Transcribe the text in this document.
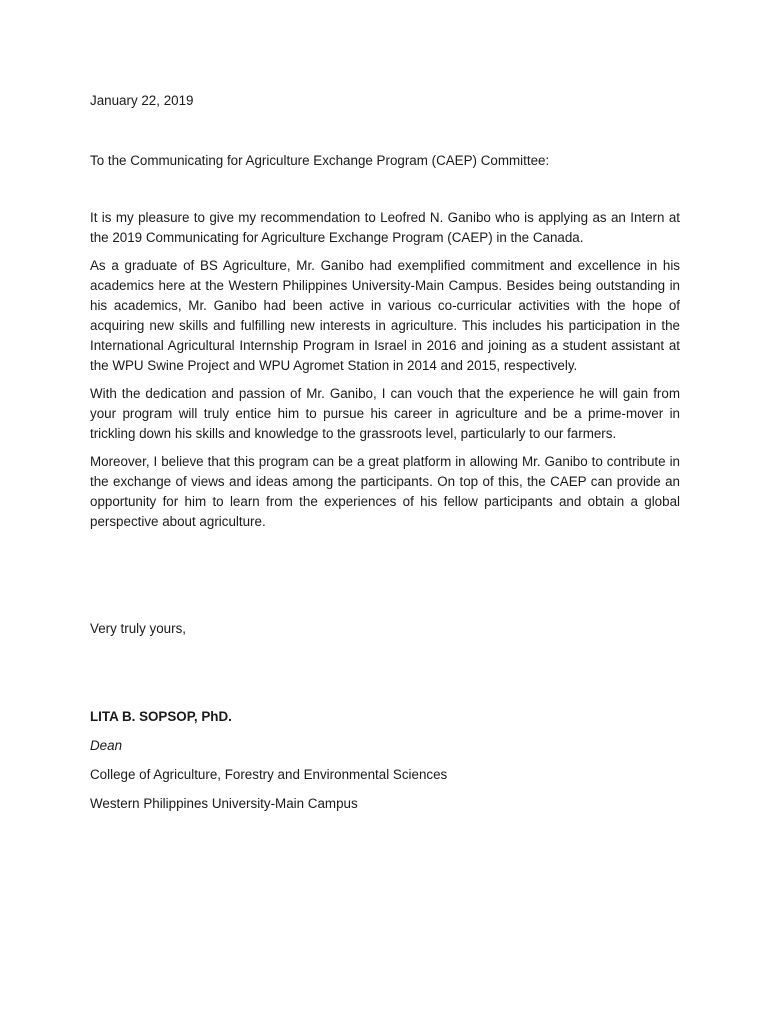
January 22, 2019
To the Communicating for Agriculture Exchange Program (CAEP) Committee:

It is my pleasure to give my recommendation to Leofred N. Ganibo who is applying as an Intern at the 2019 Communicating for Agriculture Exchange Program (CAEP) in the Canada.

As a graduate of BS Agriculture, Mr. Ganibo had exemplified commitment and excellence in his academics here at the Western Philippines University-Main Campus. Besides being outstanding in his academics, Mr. Ganibo had been active in various co-curricular activities with the hope of acquiring new skills and fulfilling new interests in agriculture. This includes his participation in the International Agricultural Internship Program in Israel in 2016 and joining as a student assistant at the WPU Swine Project and WPU Agromet Station in 2014 and 2015, respectively.

With the dedication and passion of Mr. Ganibo, I can vouch that the experience he will gain from your program will truly entice him to pursue his career in agriculture and be a prime-mover in trickling down his skills and knowledge to the grassroots level, particularly to our farmers.

Moreover, I believe that this program can be a great platform in allowing Mr. Ganibo to contribute in the exchange of views and ideas among the participants. On top of this, the CAEP can provide an opportunity for him to learn from the experiences of his fellow participants and obtain a global perspective about agriculture.

Very truly yours,
LITA B. SOPSOP, PhD.
Dean
College of Agriculture, Forestry and Environmental Sciences
Western Philippines University-Main Campus
